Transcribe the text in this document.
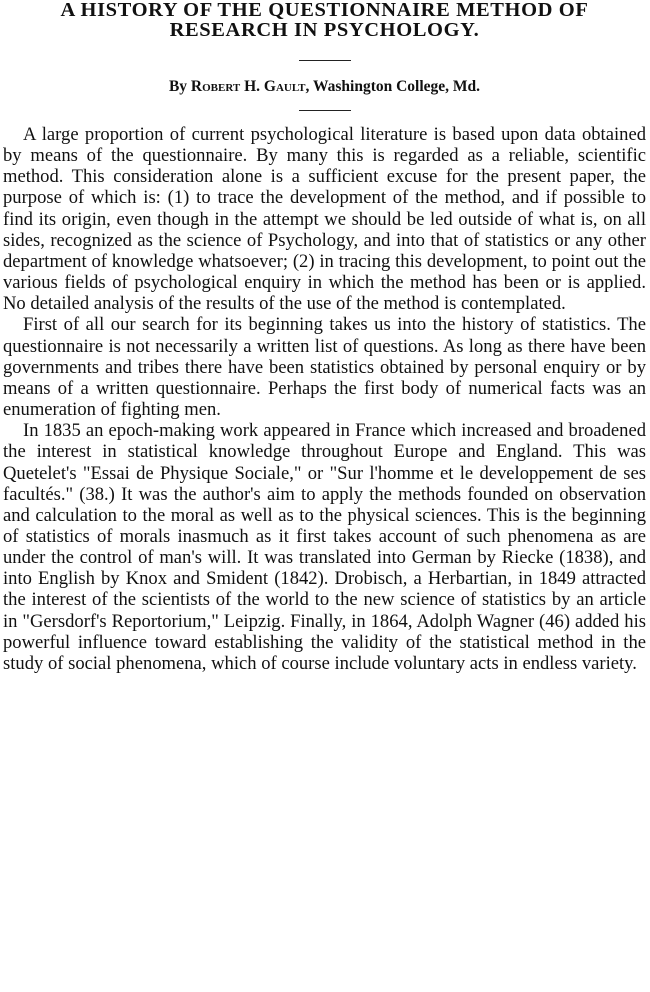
A HISTORY OF THE QUESTIONNAIRE METHOD OF
RESEARCH IN PSYCHOLOGY.
By Robert H. Gault, Washington College, Md.

A large proportion of current psychological literature is based upon data obtained by means of the questionnaire. By many this is regarded as a reliable, scientific method. This consideration alone is a sufficient excuse for the present paper, the purpose of which is: (1) to trace the development of the method, and if possible to find its origin, even though in the attempt we should be led outside of what is, on all sides, recognized as the science of Psychology, and into that of statistics or any other department of knowledge whatsoever; (2) in tracing this development, to point out the various fields of psychological enquiry in which the method has been or is applied. No detailed analysis of the results of the use of the method is contemplated.

First of all our search for its beginning takes us into the history of statistics. The questionnaire is not necessarily a written list of questions. As long as there have been governments and tribes there have been statistics obtained by personal enquiry or by means of a written questionnaire. Perhaps the first body of numerical facts was an enumeration of fighting men.

In 1835 an epoch-making work appeared in France which increased and broadened the interest in statistical knowledge throughout Europe and England. This was Quetelet's "Essai de Physique Sociale," or "Sur l'homme et le developpement de ses facultés." (38.) It was the author's aim to apply the methods founded on observation and calculation to the moral as well as to the physical sciences. This is the beginning of statistics of morals inasmuch as it first takes account of such phenomena as are under the control of man's will. It was translated into German by Riecke (1838), and into English by Knox and Smident (1842). Drobisch, a Herbartian, in 1849 attracted the interest of the scientists of the world to the new science of statistics by an article in "Gersdorf's Reportorium," Leipzig. Finally, in 1864, Adolph Wagner (46) added his powerful influence toward establishing the validity of the statistical method in the study of social phenomena, which of course include voluntary acts in endless variety.
